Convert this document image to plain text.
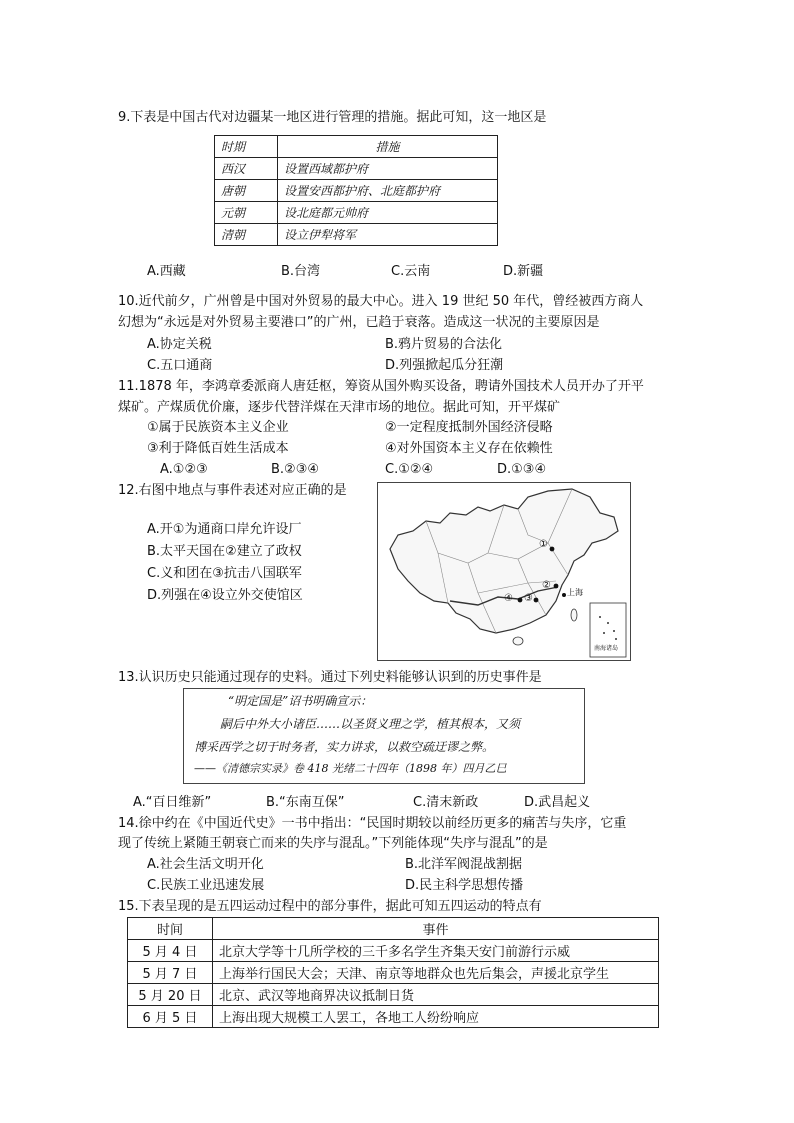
9.下表是中国古代对边疆某一地区进行管理的措施。据此可知，这一地区是
时期	措施
西汉	设置西域都护府
唐朝	设置安西都护府、北庭都护府
元朝	设北庭都元帅府
清朝	设立伊犁将军
A.西藏	B.台湾	C.云南	D.新疆
10.近代前夕，广州曾是中国对外贸易的最大中心。进入 19 世纪 50 年代，曾经被西方商人
幻想为“永远是对外贸易主要港口”的广州，已趋于衰落。造成这一状况的主要原因是
A.协定关税	B.鸦片贸易的合法化
C.五口通商	D.列强掀起瓜分狂潮
11.1878 年，李鸿章委派商人唐廷枢，筹资从国外购买设备，聘请外国技术人员开办了开平
煤矿。产煤质优价廉，逐步代替洋煤在天津市场的地位。据此可知，开平煤矿
①属于民族资本主义企业	②一定程度抵制外国经济侵略
③利于降低百姓生活成本	④对外国资本主义存在依赖性
A.①②③	B.②③④	C.①②④	D.①③④
12.右图中地点与事件表述对应正确的是
A.开①为通商口岸允许设厂
B.太平天国在②建立了政权
C.义和团在③抗击八国联军
D.列强在④设立外交使馆区
①
②
③
④
上海
南海诸岛
13.认识历史只能通过现存的史料。通过下列史料能够认识到的历史事件是
“明定国是”诏书明确宣示：
嗣后中外大小诸臣……以圣贤义理之学，植其根本，又须
博采西学之切于时务者，实力讲求，以救空疏迂谬之弊。
——《清德宗实录》卷 418 光绪二十四年（1898 年）四月乙巳
A.“百日维新”	B.“东南互保”	C.清末新政	D.武昌起义
14.徐中约在《中国近代史》一书中指出：“民国时期较以前经历更多的痛苦与失序，它重
现了传统上紧随王朝衰亡而来的失序与混乱。”下列能体现“失序与混乱”的是
A.社会生活文明开化	B.北洋军阀混战割据
C.民族工业迅速发展	D.民主科学思想传播
15.下表呈现的是五四运动过程中的部分事件，据此可知五四运动的特点有
时间	事件
5 月 4 日	北京大学等十几所学校的三千多名学生齐集天安门前游行示威
5 月 7 日	上海举行国民大会；天津、南京等地群众也先后集会，声援北京学生
5 月 20 日	北京、武汉等地商界决议抵制日货
6 月 5 日	上海出现大规模工人罢工，各地工人纷纷响应
